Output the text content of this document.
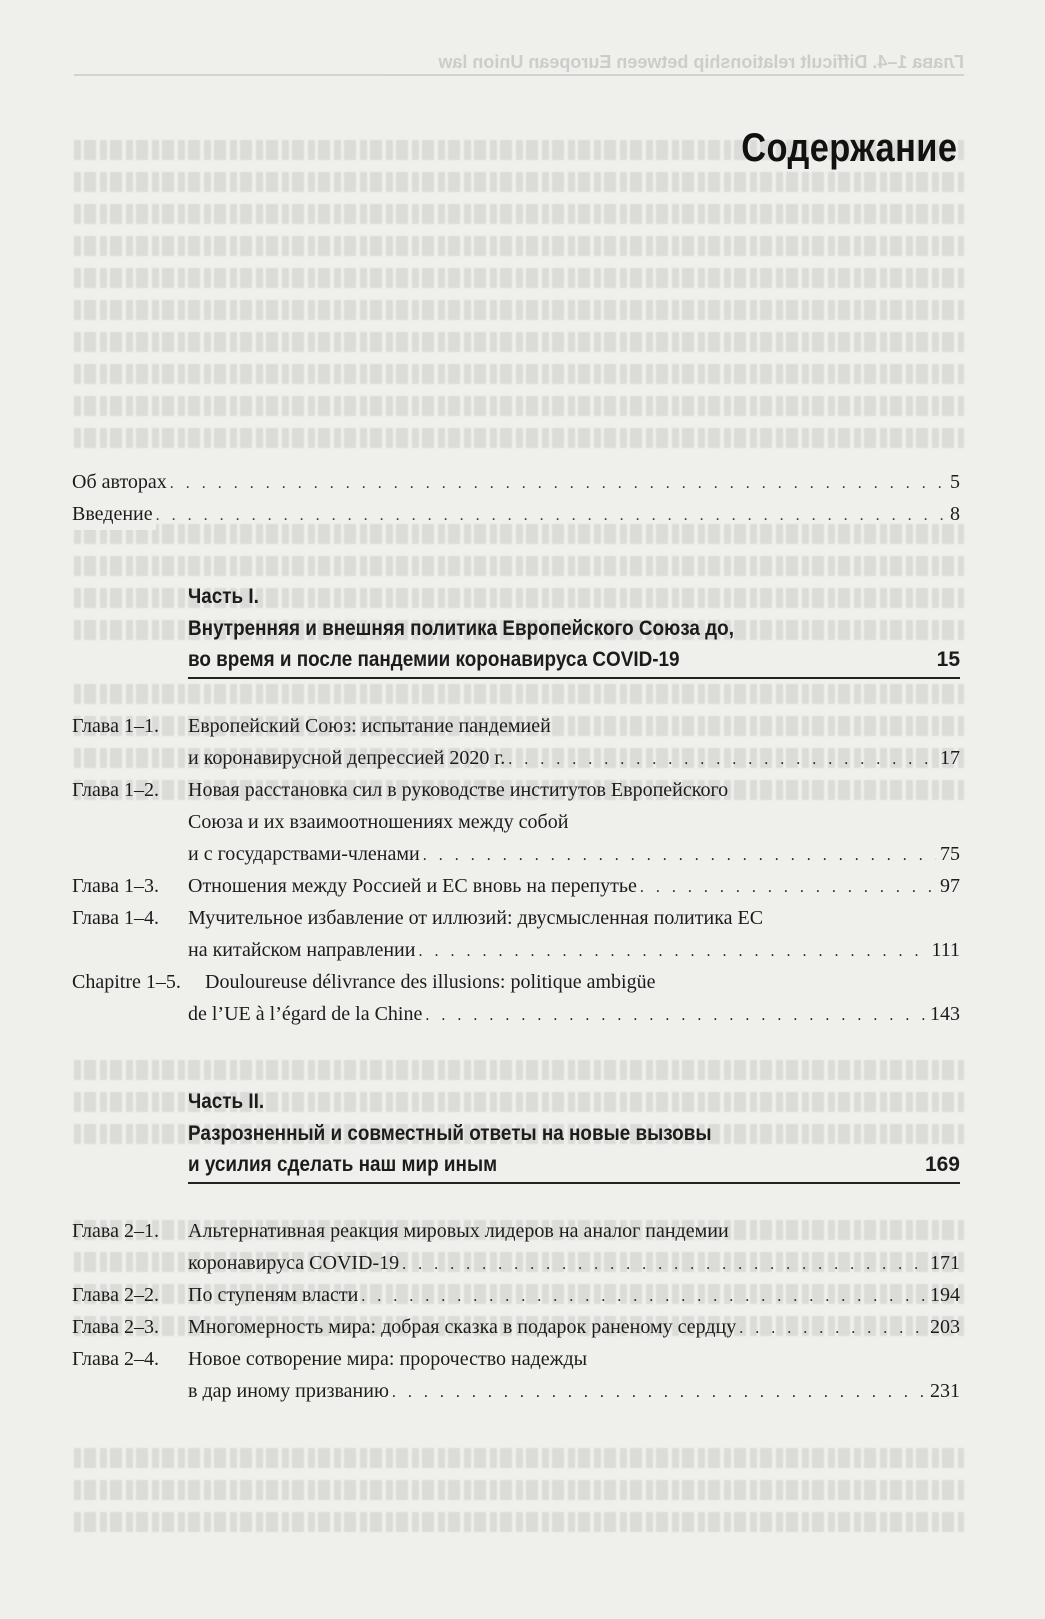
Глава 1–4. Difficult relationship between European Union law
Содержание
Об авторах . . .	5
Введение . . .	8
Часть I.
Внутренняя и внешняя политика Европейского Союза до,
во время и после пандемии коронавируса COVID-19	15
Глава 1–1. Европейский Союз: испытание пандемией
и коронавирусной депрессией 2020 г. . . .	17
Глава 1–2. Новая расстановка сил в руководстве институтов Европейского
Союза и их взаимоотношениях между собой
и с государствами-членами . . .	75
Глава 1–3. Отношения между Россией и ЕС вновь на перепутье . . .	97
Глава 1–4. Мучительное избавление от иллюзий: двусмысленная политика ЕС
на китайском направлении . . .	111
Chapitre 1–5. Douloureuse délivrance des illusions: politique ambigüe
de l’UE à l’égard de la Chine . . .	143
Часть II.
Разрозненный и совместный ответы на новые вызовы
и усилия сделать наш мир иным	169
Глава 2–1. Альтернативная реакция мировых лидеров на аналог пандемии
коронавируса COVID-19 . . .	171
Глава 2–2. По ступеням власти . . .	194
Глава 2–3. Многомерность мира: добрая сказка в подарок раненому сердцу . . .	203
Глава 2–4. Новое сотворение мира: пророчество надежды
в дар иному призванию . . .	231
